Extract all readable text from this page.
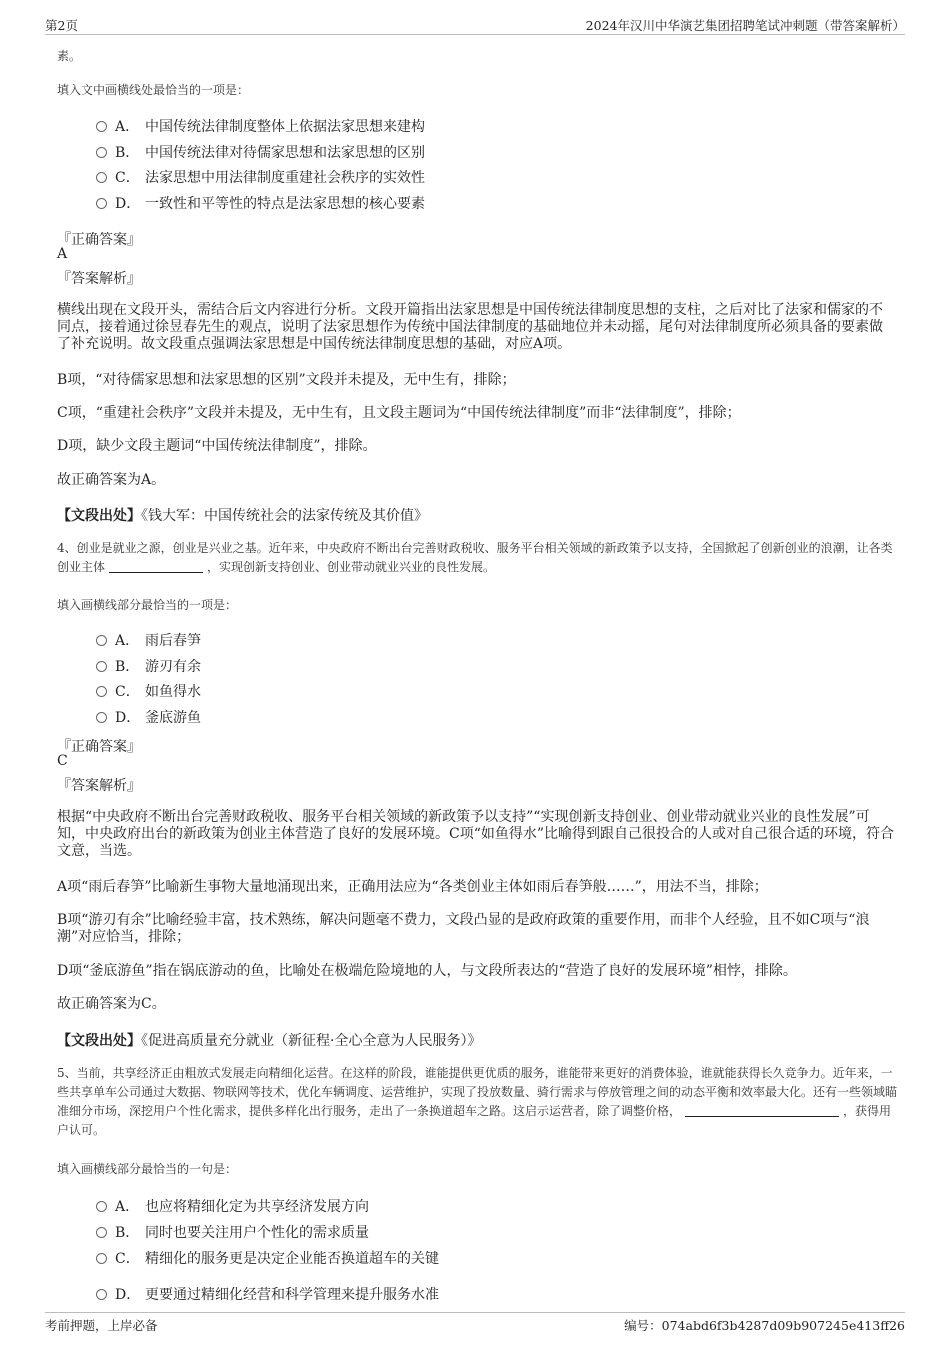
第2页	2024年汉川中华演艺集团招聘笔试冲刺题（带答案解析）
素。
填入文中画横线处最恰当的一项是：
A． 中国传统法律制度整体上依据法家思想来建构
B． 中国传统法律对待儒家思想和法家思想的区别
C． 法家思想中用法律制度重建社会秩序的实效性
D． 一致性和平等性的特点是法家思想的核心要素
『正确答案』
A
『答案解析』
横线出现在文段开头，需结合后文内容进行分析。文段开篇指出法家思想是中国传统法律制度思想的支柱，之后对比了法家和儒家的不同点，接着通过徐昱春先生的观点，说明了法家思想作为传统中国法律制度的基础地位并未动摇，尾句对法律制度所必须具备的要素做了补充说明。故文段重点强调法家思想是中国传统法律制度思想的基础，对应A项。
B项，“对待儒家思想和法家思想的区别”文段并未提及，无中生有，排除；
C项，“重建社会秩序”文段并未提及，无中生有，且文段主题词为“中国传统法律制度”而非“法律制度”，排除；
D项，缺少文段主题词“中国传统法律制度”，排除。
故正确答案为A。
【文段出处】《钱大军：中国传统社会的法家传统及其价值》
4、创业是就业之源，创业是兴业之基。近年来，中央政府不断出台完善财政税收、服务平台相关领域的新政策予以支持，全国掀起了创新创业的浪潮，让各类创业主体	，实现创新支持创业、创业带动就业兴业的良性发展。
填入画横线部分最恰当的一项是：
A． 雨后春笋
B． 游刃有余
C． 如鱼得水
D． 釜底游鱼
『正确答案』
C
『答案解析』
根据“中央政府不断出台完善财政税收、服务平台相关领域的新政策予以支持”“实现创新支持创业、创业带动就业兴业的良性发展”可知，中央政府出台的新政策为创业主体营造了良好的发展环境。C项“如鱼得水”比喻得到跟自己很投合的人或对自己很合适的环境，符合文意，当选。
A项“雨后春笋”比喻新生事物大量地涌现出来，正确用法应为“各类创业主体如雨后春笋般……”，用法不当，排除；
B项“游刃有余”比喻经验丰富，技术熟练，解决问题毫不费力，文段凸显的是政府政策的重要作用，而非个人经验，且不如C项与“浪潮”对应恰当，排除；
D项“釜底游鱼”指在锅底游动的鱼，比喻处在极端危险境地的人，与文段所表达的“营造了良好的发展环境”相悖，排除。
故正确答案为C。
【文段出处】《促进高质量充分就业（新征程·全心全意为人民服务）》
5、当前，共享经济正由粗放式发展走向精细化运营。在这样的阶段，谁能提供更优质的服务，谁能带来更好的消费体验，谁就能获得长久竞争力。近年来，一些共享单车公司通过大数据、物联网等技术，优化车辆调度、运营维护，实现了投放数量、骑行需求与停放管理之间的动态平衡和效率最大化。还有一些领域瞄准细分市场，深挖用户个性化需求，提供多样化出行服务，走出了一条换道超车之路。这启示运营者，除了调整价格，	，获得用户认可。
填入画横线部分最恰当的一句是：
A． 也应将精细化定为共享经济发展方向
B． 同时也要关注用户个性化的需求质量
C． 精细化的服务更是决定企业能否换道超车的关键
D． 更要通过精细化经营和科学管理来提升服务水准
考前押题，上岸必备	编号：074abd6f3b4287d09b907245e413ff26
